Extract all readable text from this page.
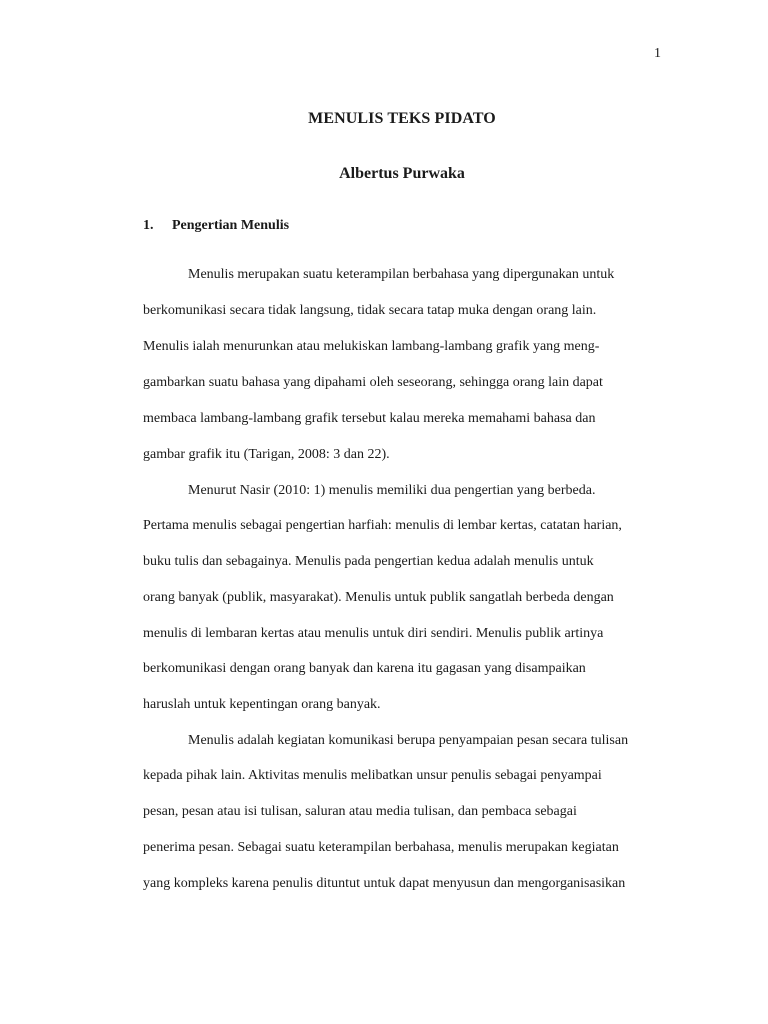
1
MENULIS TEKS PIDATO
Albertus Purwaka
1. Pengertian Menulis
Menulis merupakan suatu keterampilan berbahasa yang dipergunakan untuk
berkomunikasi secara tidak langsung, tidak secara tatap muka dengan orang lain.
Menulis ialah menurunkan atau melukiskan lambang-lambang grafik yang meng-
gambarkan suatu bahasa yang dipahami oleh seseorang, sehingga orang lain dapat
membaca lambang-lambang grafik tersebut kalau mereka memahami bahasa dan
gambar grafik itu (Tarigan, 2008: 3 dan 22).
Menurut Nasir (2010: 1) menulis memiliki dua pengertian yang berbeda.
Pertama menulis sebagai pengertian harfiah: menulis di lembar kertas, catatan harian,
buku tulis dan sebagainya. Menulis pada pengertian kedua adalah menulis untuk
orang banyak (publik, masyarakat). Menulis untuk publik sangatlah berbeda dengan
menulis di lembaran kertas atau menulis untuk diri sendiri. Menulis publik artinya
berkomunikasi dengan orang banyak dan karena itu gagasan yang disampaikan
haruslah untuk kepentingan orang banyak.
Menulis adalah kegiatan komunikasi berupa penyampaian pesan secara tulisan
kepada pihak lain. Aktivitas menulis melibatkan unsur penulis sebagai penyampai
pesan, pesan atau isi tulisan, saluran atau media tulisan, dan pembaca sebagai
penerima pesan. Sebagai suatu keterampilan berbahasa, menulis merupakan kegiatan
yang kompleks karena penulis dituntut untuk dapat menyusun dan mengorganisasikan
